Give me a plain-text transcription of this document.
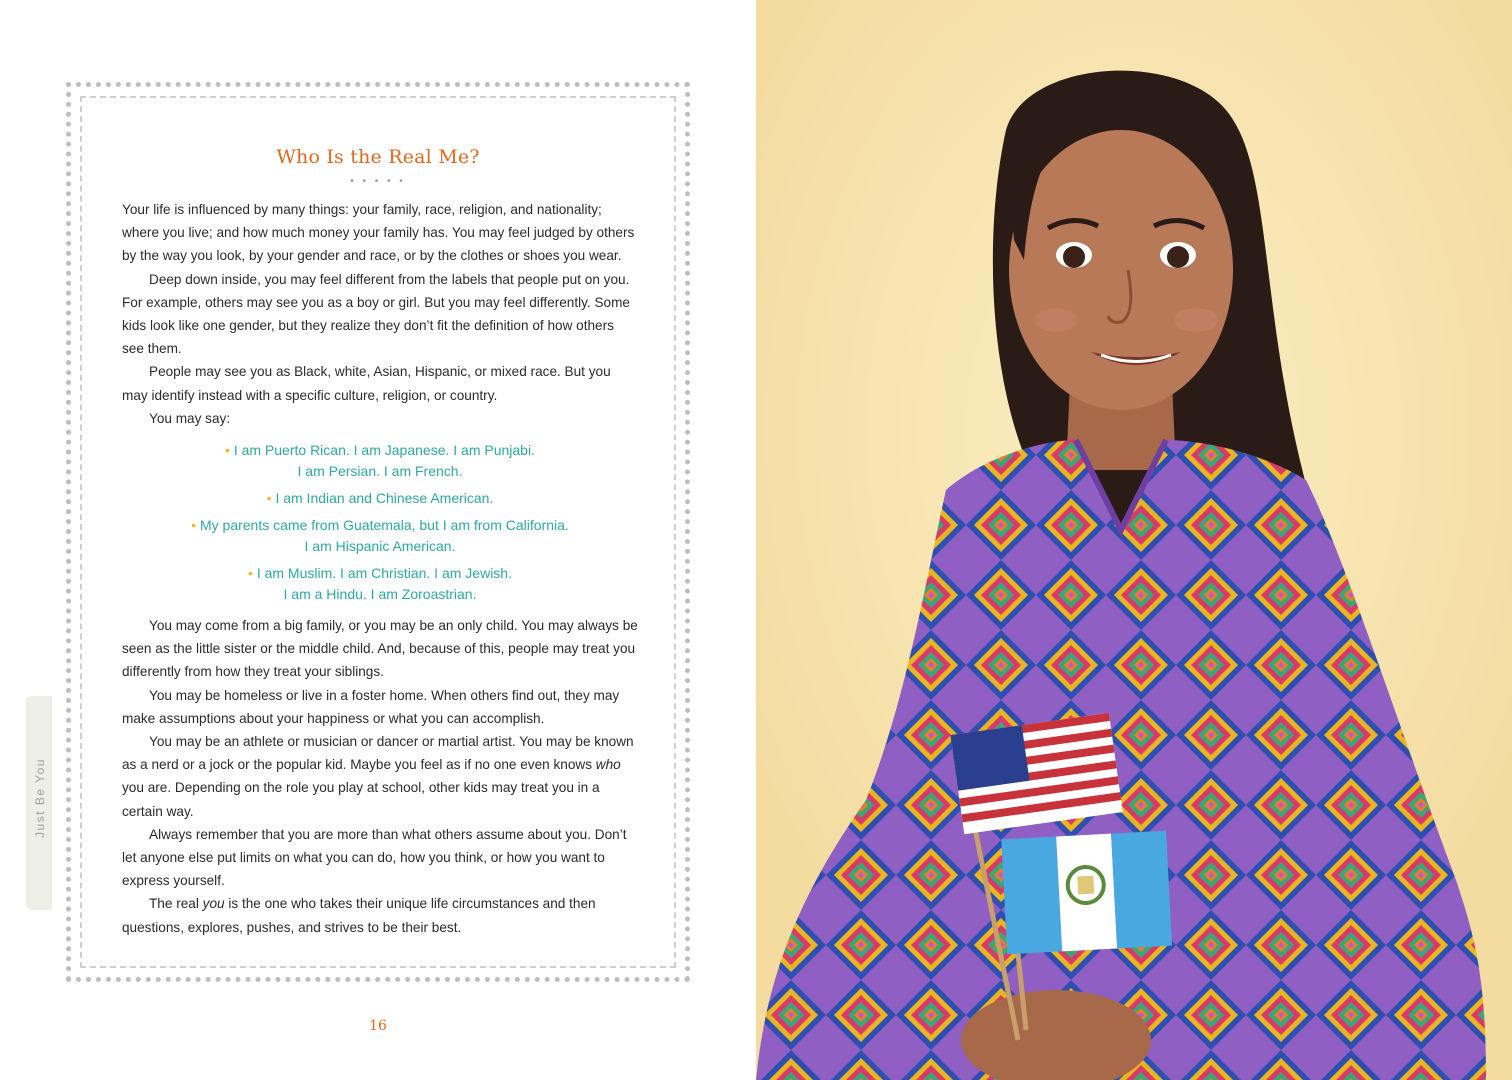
Who Is the Real Me?
• • • • •

Your life is influenced by many things: your family, race, religion, and nationality; where you live; and how much money your family has. You may feel judged by others by the way you look, by your gender and race, or by the clothes or shoes you wear.

Deep down inside, you may feel different from the labels that people put on you. For example, others may see you as a boy or girl. But you may feel differently. Some kids look like one gender, but they realize they don’t fit the definition of how others see them.

People may see you as Black, white, Asian, Hispanic, or mixed race. But you may identify instead with a specific culture, religion, or country.

You may say:

• I am Puerto Rican. I am Japanese. I am Punjabi.
I am Persian. I am French.
• I am Indian and Chinese American.
• My parents came from Guatemala, but I am from California.
I am Hispanic American.
• I am Muslim. I am Christian. I am Jewish.
I am a Hindu. I am Zoroastrian.

You may come from a big family, or you may be an only child. You may always be seen as the little sister or the middle child. And, because of this, people may treat you differently from how they treat your siblings.

You may be homeless or live in a foster home. When others find out, they may make assumptions about your happiness or what you can accomplish.

You may be an athlete or musician or dancer or martial artist. You may be known as a nerd or a jock or the popular kid. Maybe you feel as if no one even knows who you are. Depending on the role you play at school, other kids may treat you in a certain way.

Always remember that you are more than what others assume about you. Don’t let anyone else put limits on what you can do, how you think, or how you want to express yourself.

The real you is the one who takes their unique life circumstances and then questions, explores, pushes, and strives to be their best.

Just Be You
16
